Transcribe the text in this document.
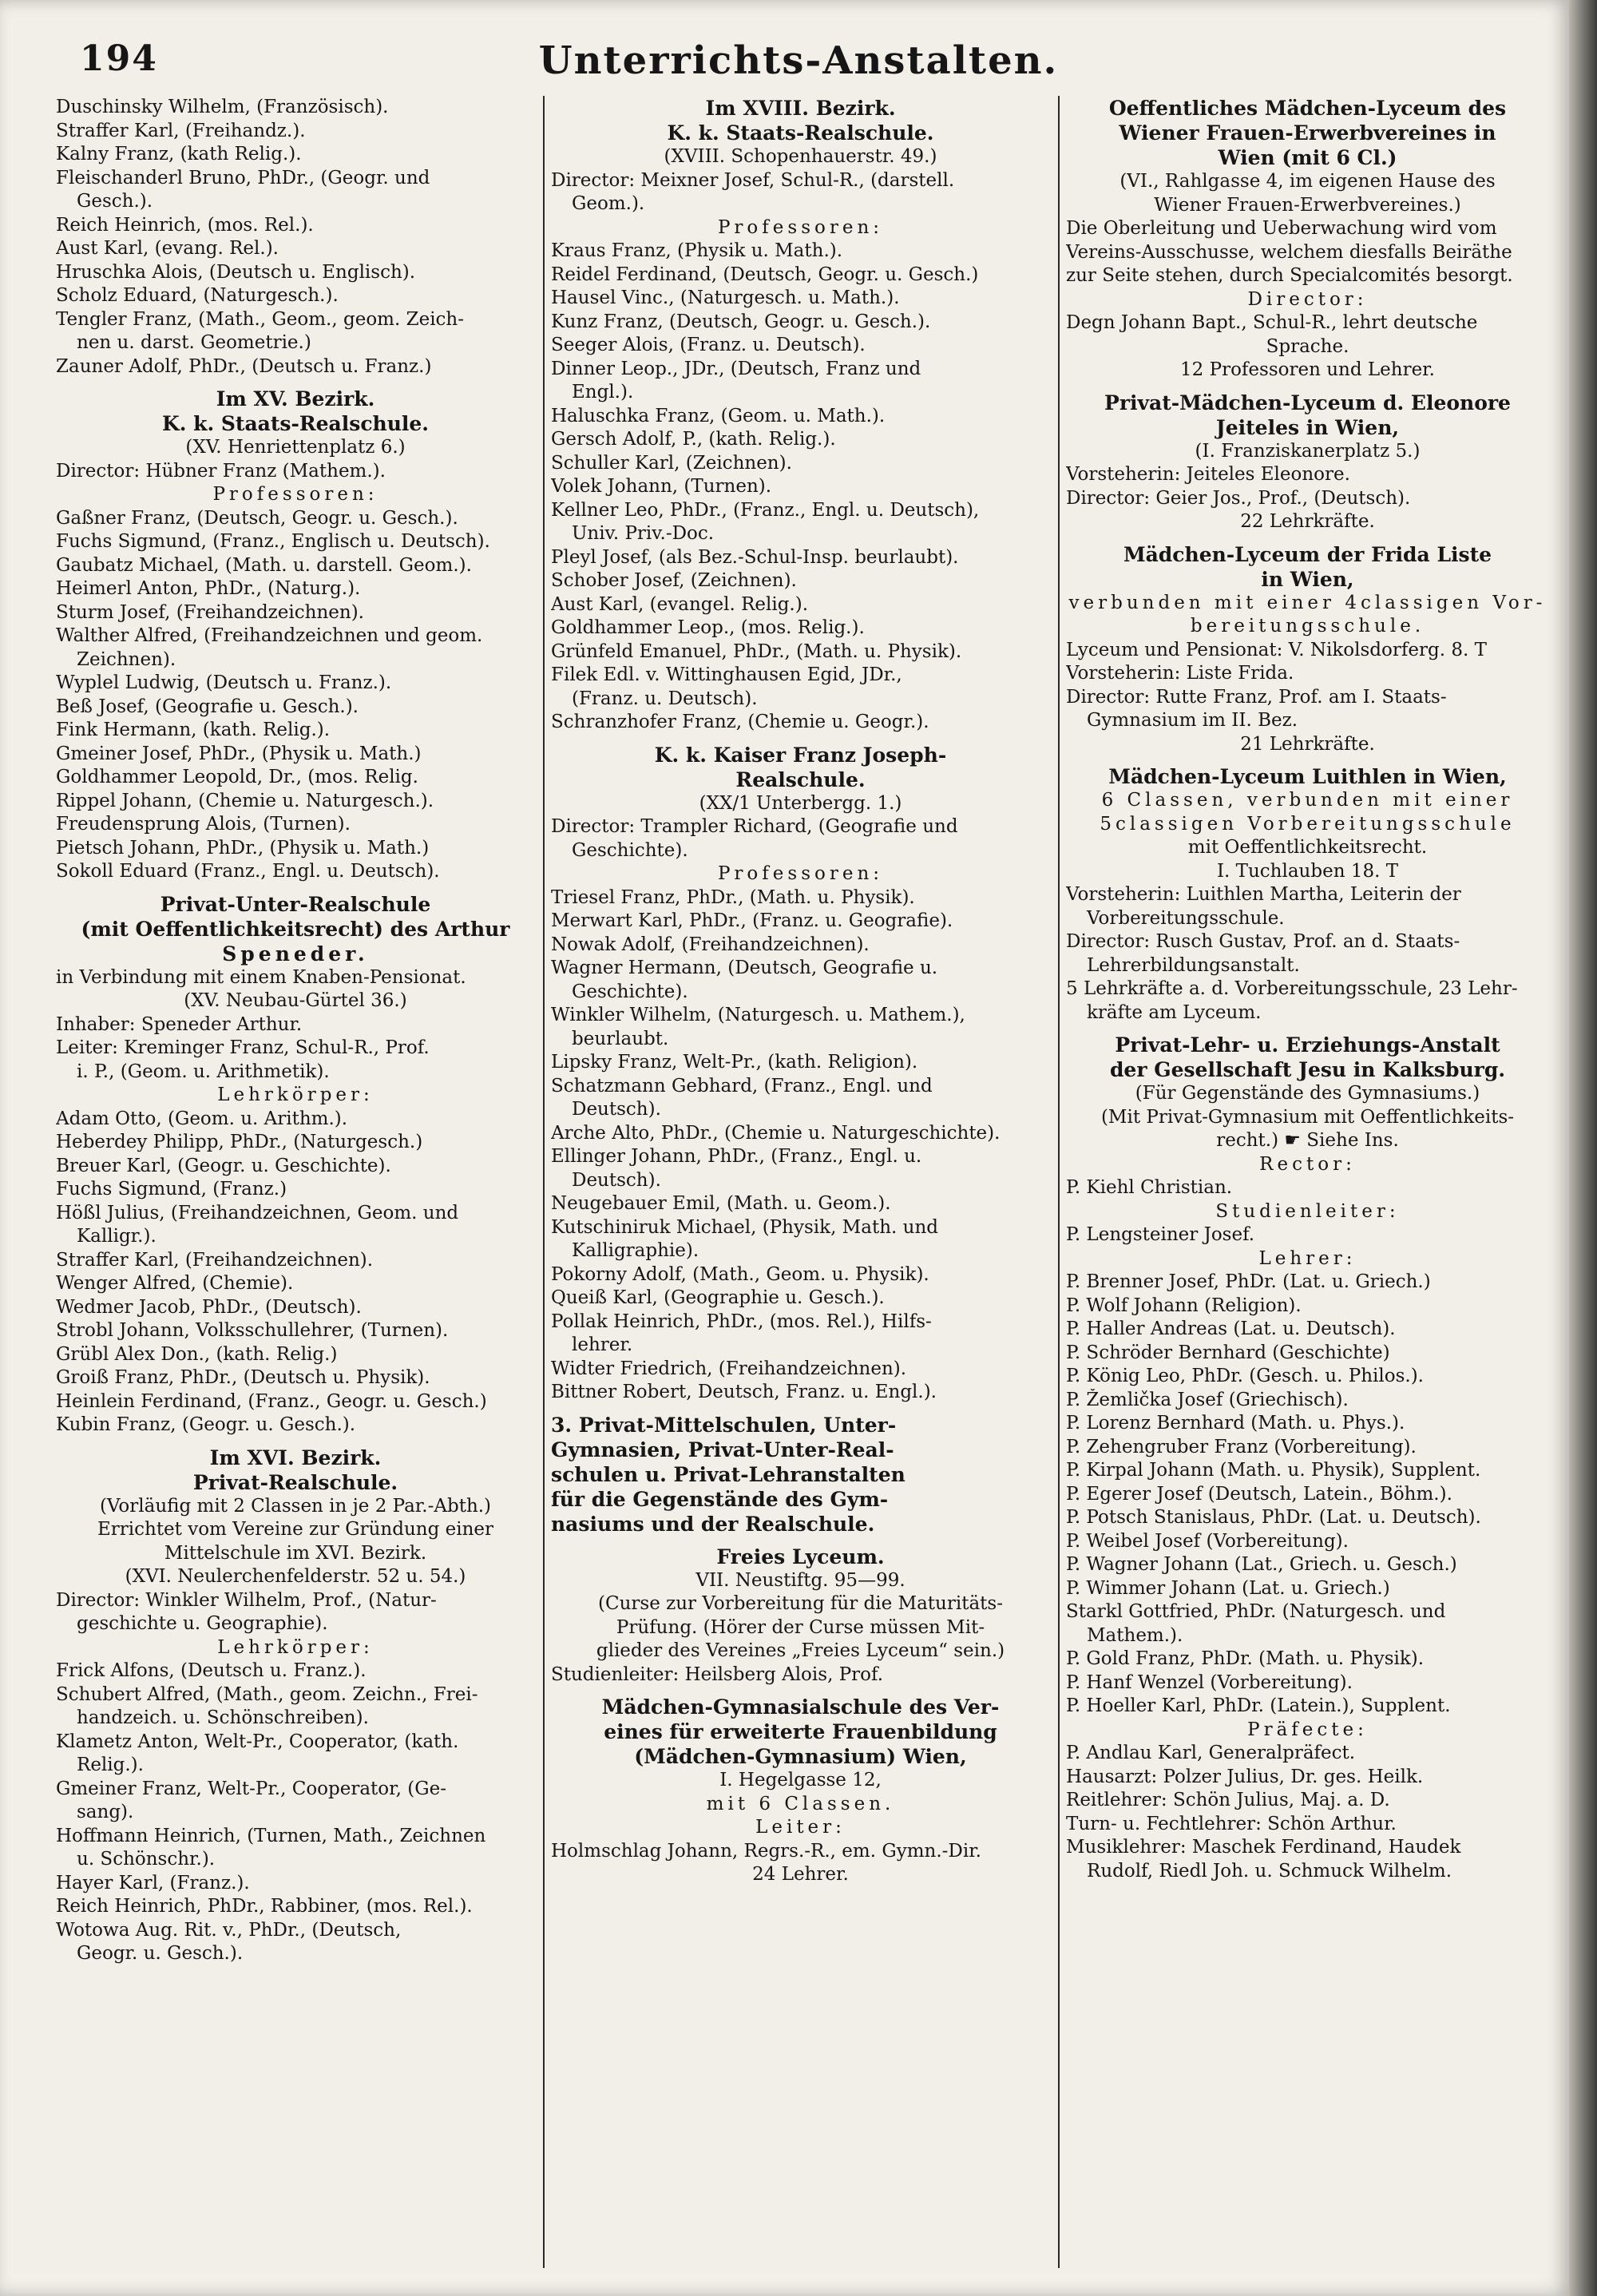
194	Unterrichts-Anstalten.
Duschinsky Wilhelm, (Französisch).
Straffer Karl, (Freihandz.).
Kalny Franz, (kath Relig.).
Fleischanderl Bruno, PhDr., (Geogr. und
Gesch.).
Reich Heinrich, (mos. Rel.).
Aust Karl, (evang. Rel.).
Hruschka Alois, (Deutsch u. Englisch).
Scholz Eduard, (Naturgesch.).
Tengler Franz, (Math., Geom., geom. Zeich-
nen u. darst. Geometrie.)
Zauner Adolf, PhDr., (Deutsch u. Franz.)
Im XV. Bezirk.
K. k. Staats-Realschule.
(XV. Henriettenplatz 6.)
Director: Hübner Franz (Mathem.).
Professoren:
Gaßner Franz, (Deutsch, Geogr. u. Gesch.).
Fuchs Sigmund, (Franz., Englisch u. Deutsch).
Gaubatz Michael, (Math. u. darstell. Geom.).
Heimerl Anton, PhDr., (Naturg.).
Sturm Josef, (Freihandzeichnen).
Walther Alfred, (Freihandzeichnen und geom.
Zeichnen).
Wyplel Ludwig, (Deutsch u. Franz.).
Beß Josef, (Geografie u. Gesch.).
Fink Hermann, (kath. Relig.).
Gmeiner Josef, PhDr., (Physik u. Math.)
Goldhammer Leopold, Dr., (mos. Relig.
Rippel Johann, (Chemie u. Naturgesch.).
Freudensprung Alois, (Turnen).
Pietsch Johann, PhDr., (Physik u. Math.)
Sokoll Eduard (Franz., Engl. u. Deutsch).
Privat-Unter-Realschule
(mit Oeffentlichkeitsrecht) des Arthur
Speneder.
in Verbindung mit einem Knaben-Pensionat.
(XV. Neubau-Gürtel 36.)
Inhaber: Speneder Arthur.
Leiter: Kreminger Franz, Schul-R., Prof.
i. P., (Geom. u. Arithmetik).
Lehrkörper:
Adam Otto, (Geom. u. Arithm.).
Heberdey Philipp, PhDr., (Naturgesch.)
Breuer Karl, (Geogr. u. Geschichte).
Fuchs Sigmund, (Franz.)
Hößl Julius, (Freihandzeichnen, Geom. und
Kalligr.).
Straffer Karl, (Freihandzeichnen).
Wenger Alfred, (Chemie).
Wedmer Jacob, PhDr., (Deutsch).
Strobl Johann, Volksschullehrer, (Turnen).
Grübl Alex Don., (kath. Relig.)
Groiß Franz, PhDr., (Deutsch u. Physik).
Heinlein Ferdinand, (Franz., Geogr. u. Gesch.)
Kubin Franz, (Geogr. u. Gesch.).
Im XVI. Bezirk.
Privat-Realschule.
(Vorläufig mit 2 Classen in je 2 Par.-Abth.)
Errichtet vom Vereine zur Gründung einer
Mittelschule im XVI. Bezirk.
(XVI. Neulerchenfelderstr. 52 u. 54.)
Director: Winkler Wilhelm, Prof., (Natur-
geschichte u. Geographie).
Lehrkörper:
Frick Alfons, (Deutsch u. Franz.).
Schubert Alfred, (Math., geom. Zeichn., Frei-
handzeich. u. Schönschreiben).
Klametz Anton, Welt-Pr., Cooperator, (kath.
Relig.).
Gmeiner Franz, Welt-Pr., Cooperator, (Ge-
sang).
Hoffmann Heinrich, (Turnen, Math., Zeichnen
u. Schönschr.).
Hayer Karl, (Franz.).
Reich Heinrich, PhDr., Rabbiner, (mos. Rel.).
Wotowa Aug. Rit. v., PhDr., (Deutsch,
Geogr. u. Gesch.).
Im XVIII. Bezirk.
K. k. Staats-Realschule.
(XVIII. Schopenhauerstr. 49.)
Director: Meixner Josef, Schul-R., (darstell.
Geom.).
Professoren:
Kraus Franz, (Physik u. Math.).
Reidel Ferdinand, (Deutsch, Geogr. u. Gesch.)
Hausel Vinc., (Naturgesch. u. Math.).
Kunz Franz, (Deutsch, Geogr. u. Gesch.).
Seeger Alois, (Franz. u. Deutsch).
Dinner Leop., JDr., (Deutsch, Franz und
Engl.).
Haluschka Franz, (Geom. u. Math.).
Gersch Adolf, P., (kath. Relig.).
Schuller Karl, (Zeichnen).
Volek Johann, (Turnen).
Kellner Leo, PhDr., (Franz., Engl. u. Deutsch),
Univ. Priv.-Doc.
Pleyl Josef, (als Bez.-Schul-Insp. beurlaubt).
Schober Josef, (Zeichnen).
Aust Karl, (evangel. Relig.).
Goldhammer Leop., (mos. Relig.).
Grünfeld Emanuel, PhDr., (Math. u. Physik).
Filek Edl. v. Wittinghausen Egid, JDr.,
(Franz. u. Deutsch).
Schranzhofer Franz, (Chemie u. Geogr.).
K. k. Kaiser Franz Joseph-
Realschule.
(XX/1 Unterbergg. 1.)
Director: Trampler Richard, (Geografie und
Geschichte).
Professoren:
Triesel Franz, PhDr., (Math. u. Physik).
Merwart Karl, PhDr., (Franz. u. Geografie).
Nowak Adolf, (Freihandzeichnen).
Wagner Hermann, (Deutsch, Geografie u.
Geschichte).
Winkler Wilhelm, (Naturgesch. u. Mathem.),
beurlaubt.
Lipsky Franz, Welt-Pr., (kath. Religion).
Schatzmann Gebhard, (Franz., Engl. und
Deutsch).
Arche Alto, PhDr., (Chemie u. Naturgeschichte).
Ellinger Johann, PhDr., (Franz., Engl. u.
Deutsch).
Neugebauer Emil, (Math. u. Geom.).
Kutschiniruk Michael, (Physik, Math. und
Kalligraphie).
Pokorny Adolf, (Math., Geom. u. Physik).
Queiß Karl, (Geographie u. Gesch.).
Pollak Heinrich, PhDr., (mos. Rel.), Hilfs-
lehrer.
Widter Friedrich, (Freihandzeichnen).
Bittner Robert, Deutsch, Franz. u. Engl.).
3. Privat-Mittelschulen, Unter-
Gymnasien, Privat-Unter-Real-
schulen u. Privat-Lehranstalten
für die Gegenstände des Gym-
nasiums und der Realschule.
Freies Lyceum.
VII. Neustiftg. 95—99.
(Curse zur Vorbereitung für die Maturitäts-
Prüfung. (Hörer der Curse müssen Mit-
glieder des Vereines „Freies Lyceum“ sein.)
Studienleiter: Heilsberg Alois, Prof.
Mädchen-Gymnasialschule des Ver-
eines für erweiterte Frauenbildung
(Mädchen-Gymnasium) Wien,
I. Hegelgasse 12,
mit 6 Classen.
Leiter:
Holmschlag Johann, Regrs.-R., em. Gymn.-Dir.
24 Lehrer.
Oeffentliches Mädchen-Lyceum des
Wiener Frauen-Erwerbvereines in
Wien (mit 6 Cl.)
(VI., Rahlgasse 4, im eigenen Hause des
Wiener Frauen-Erwerbvereines.)
Die Oberleitung und Ueberwachung wird vom
Vereins-Ausschusse, welchem diesfalls Beiräthe
zur Seite stehen, durch Specialcomités besorgt.
Director:
Degn Johann Bapt., Schul-R., lehrt deutsche
Sprache.
12 Professoren und Lehrer.
Privat-Mädchen-Lyceum d. Eleonore
Jeiteles in Wien,
(I. Franziskanerplatz 5.)
Vorsteherin: Jeiteles Eleonore.
Director: Geier Jos., Prof., (Deutsch).
22 Lehrkräfte.
Mädchen-Lyceum der Frida Liste
in Wien,
verbunden mit einer 4classigen Vor-
bereitungsschule.
Lyceum und Pensionat: V. Nikolsdorferg. 8. T
Vorsteherin: Liste Frida.
Director: Rutte Franz, Prof. am I. Staats-
Gymnasium im II. Bez.
21 Lehrkräfte.
Mädchen-Lyceum Luithlen in Wien,
6 Classen, verbunden mit einer
5classigen Vorbereitungsschule
mit Oeffentlichkeitsrecht.
I. Tuchlauben 18. T
Vorsteherin: Luithlen Martha, Leiterin der
Vorbereitungsschule.
Director: Rusch Gustav, Prof. an d. Staats-
Lehrerbildungsanstalt.
5 Lehrkräfte a. d. Vorbereitungsschule, 23 Lehr-
kräfte am Lyceum.
Privat-Lehr- u. Erziehungs-Anstalt
der Gesellschaft Jesu in Kalksburg.
(Für Gegenstände des Gymnasiums.)
(Mit Privat-Gymnasium mit Oeffentlichkeits-
recht.) ☛ Siehe Ins.
Rector:
P. Kiehl Christian.
Studienleiter:
P. Lengsteiner Josef.
Lehrer:
P. Brenner Josef, PhDr. (Lat. u. Griech.)
P. Wolf Johann (Religion).
P. Haller Andreas (Lat. u. Deutsch).
P. Schröder Bernhard (Geschichte)
P. König Leo, PhDr. (Gesch. u. Philos.).
P. Žemlička Josef (Griechisch).
P. Lorenz Bernhard (Math. u. Phys.).
P. Zehengruber Franz (Vorbereitung).
P. Kirpal Johann (Math. u. Physik), Supplent.
P. Egerer Josef (Deutsch, Latein., Böhm.).
P. Potsch Stanislaus, PhDr. (Lat. u. Deutsch).
P. Weibel Josef (Vorbereitung).
P. Wagner Johann (Lat., Griech. u. Gesch.)
P. Wimmer Johann (Lat. u. Griech.)
Starkl Gottfried, PhDr. (Naturgesch. und
Mathem.).
P. Gold Franz, PhDr. (Math. u. Physik).
P. Hanf Wenzel (Vorbereitung).
P. Hoeller Karl, PhDr. (Latein.), Supplent.
Präfecte:
P. Andlau Karl, Generalpräfect.
Hausarzt: Polzer Julius, Dr. ges. Heilk.
Reitlehrer: Schön Julius, Maj. a. D.
Turn- u. Fechtlehrer: Schön Arthur.
Musiklehrer: Maschek Ferdinand, Haudek
Rudolf, Riedl Joh. u. Schmuck Wilhelm.
